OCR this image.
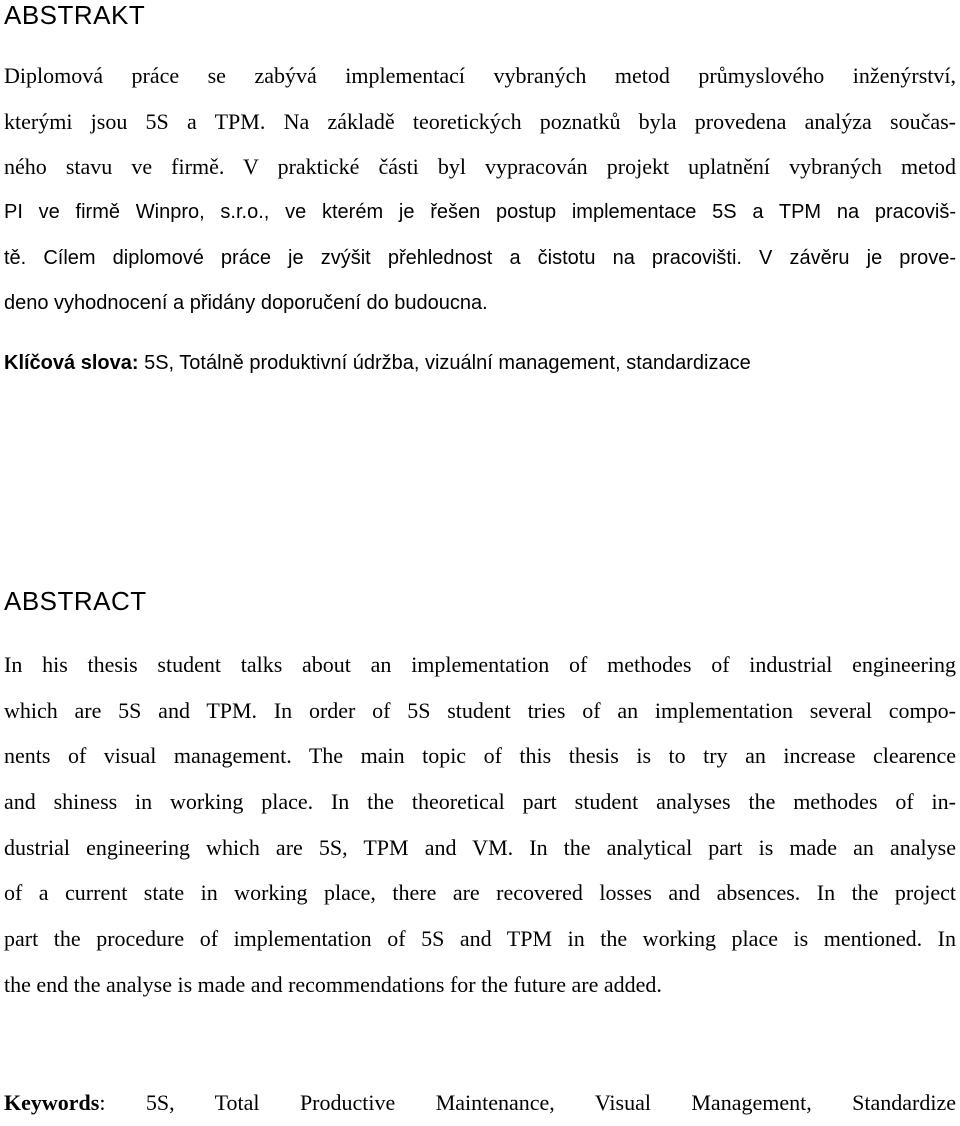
ABSTRAKT
Diplomová práce se zabývá implementací vybraných metod průmyslového inženýrství,
kterými jsou 5S a TPM. Na základě teoretických poznatků byla provedena analýza součas-
ného stavu ve firmě. V praktické části byl vypracován projekt uplatnění vybraných metod
PI ve firmě Winpro, s.r.o., ve kterém je řešen postup implementace 5S a TPM na pracoviš-
tě. Cílem diplomové práce je zvýšit přehlednost a čistotu na pracovišti. V závěru je prove-
deno vyhodnocení a přidány doporučení do budoucna.
Klíčová slova: 5S, Totálně produktivní údržba, vizuální management, standardizace
ABSTRACT
In his thesis student talks about an implementation of methodes of industrial engineering
which are 5S and TPM. In order of 5S student tries of an implementation several compo-
nents of visual management. The main topic of this thesis is to try an increase clearence
and shiness in working place. In the theoretical part student analyses the methodes of in-
dustrial engineering which are 5S, TPM and VM. In the analytical part is made an analyse
of a current state in working place, there are recovered losses and absences. In the project
part the procedure of implementation of 5S and TPM in the working place is mentioned. In
the end the analyse is made and recommendations for the future are added.
Keywords: 5S, Total Productive Maintenance, Visual Management, Standardize
